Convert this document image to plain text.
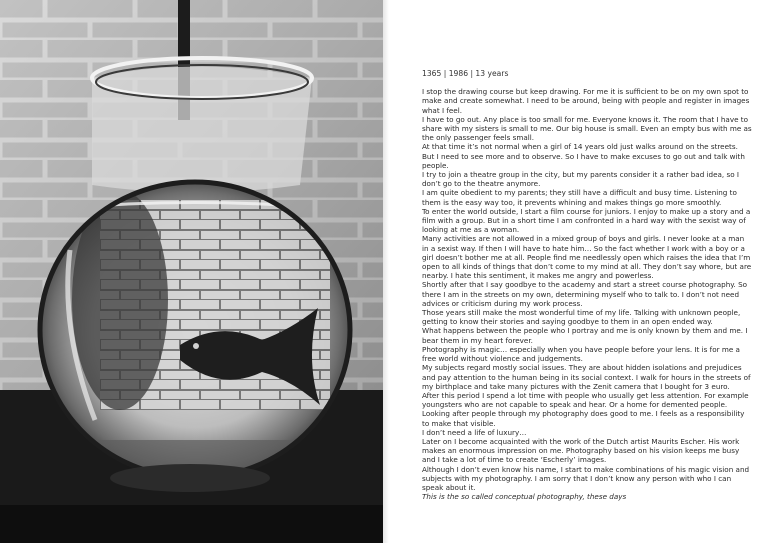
1365 | 1986 | 13 years

I stop the drawing course but keep drawing. For me it is sufficient to be on my own spot to make and create somewhat. I need to be around, being with people and register in images what I feel.

I have to go out. Any place is too small for me. Everyone knows it. The room that I have to share with my sisters is small to me. Our big house is small. Even an empty bus with me as the only passenger feels small.

At that time it’s not normal when a girl of 14 years old just walks around on the streets. But I need to see more and to observe. So I have to make excuses to go out and talk with people.

I try to join a theatre group in the city, but my parents consider it a rather bad idea, so I don’t go to the theatre anymore.

I am quite obedient to my parents; they still have a difficult and busy time. Listening to them is the easy way too, it prevents whining and makes things go more smoothly.

To enter the world outside, I start a film course for juniors. I enjoy to make up a story and a film with a group. But in a short time I am confronted in a hard way with the sexist way of looking at me as a woman.

Many activities are not allowed in a mixed group of boys and girls. I never looke at a man in a sexist way. If then I will have to hate him… So the fact whether I work with a boy or a girl doesn’t bother me at all. People find me needlessly open which raises the idea that I’m open to all kinds of things that don’t come to my mind at all. They don’t say whore, but are nearby. I hate this sentiment, it makes me angry and powerless.

Shortly after that I say goodbye to the academy and start a street course photography. So there I am in the streets on my own, determining myself who to talk to. I don’t not need advices or criticism during my work process.

Those years still make the most wonderful time of my life. Talking with unknown people, getting to know their stories and saying goodbye to them in an open ended way.

What happens between the people who I portray and me is only known by them and me. I bear them in my heart forever.

Photography is magic… especially when you have people before your lens. It is for me a free world without violence and judgements.

My subjects regard mostly social issues. They are about hidden isolations and prejudices and pay attention to the human being in its social context. I walk for hours in the streets of my birthplace and take many pictures with the Zenit camera that I bought for 3 euro.

After this period I spend a lot time with people who usually get less attention. For example youngsters who are not capable to speak and hear. Or a home for demented people.

Looking after people through my photography does good to me. I feels as a responsibility to make that visible.

I don’t need a life of luxury…

Later on I become acquainted with the work of the Dutch artist Maurits Escher. His work makes an enormous impression on me. Photography based on his vision keeps me busy and I take a lot of time to create ‘Escherly’ images.

Although I don’t even know his name, I start to make combinations of his magic vision and subjects with my photography. I am sorry that I don’t know any person with who I can speak about it.

This is the so called conceptual photography, these days
